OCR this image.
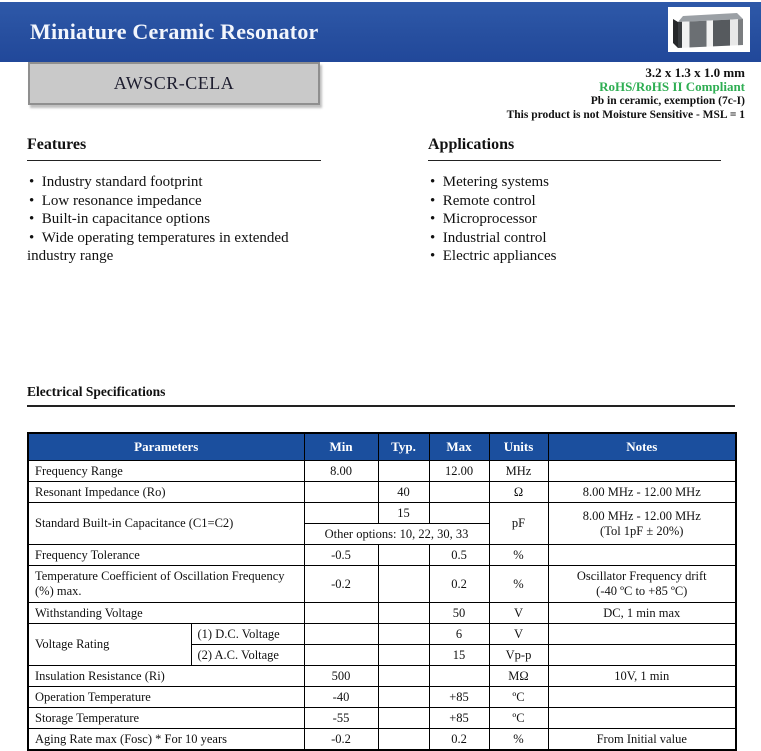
Miniature Ceramic Resonator
AWSCR-CELA
3.2 x 1.3 x 1.0 mm
RoHS/RoHS II Compliant
Pb in ceramic, exemption (7c-I)
This product is not Moisture Sensitive - MSL = 1
Features
•  Industry standard footprint
•  Low resonance impedance
•  Built-in capacitance options
•  Wide operating temperatures in extended industry range
Applications
•  Metering systems
•  Remote control
•  Microprocessor
•  Industrial control
•  Electric appliances
Electrical Specifications
Parameters		Min	Typ.	Max	Units	Notes
Frequency Range		8.00		12.00	MHz	
Resonant Impedance (Ro)			40		Ω	8.00 MHz - 12.00 MHz
Standard Built-in Capacitance (C1=C2)			15		pF	8.00 MHz - 12.00 MHz
(Tol 1pF ± 20%)

		Other options: 10, 22, 30, 33				
Frequency Tolerance		-0.5		0.5	%	
Temperature Coefficient of Oscillation Frequency (%) max.		-0.2		0.2	%	Oscillator Frequency drift
(-40 ºC to +85 ºC)

Withstanding Voltage				50	V	DC, 1 min max
Voltage Rating	(1) D.C. Voltage			6	V	
	(2) A.C. Voltage			15	Vp-p	
Insulation Resistance (Ri)		500			MΩ	10V, 1 min
Operation Temperature		-40		+85	ºC	
Storage Temperature		-55		+85	ºC	
Aging Rate max (Fosc) * For 10 years		-0.2		0.2	%	From Initial value
